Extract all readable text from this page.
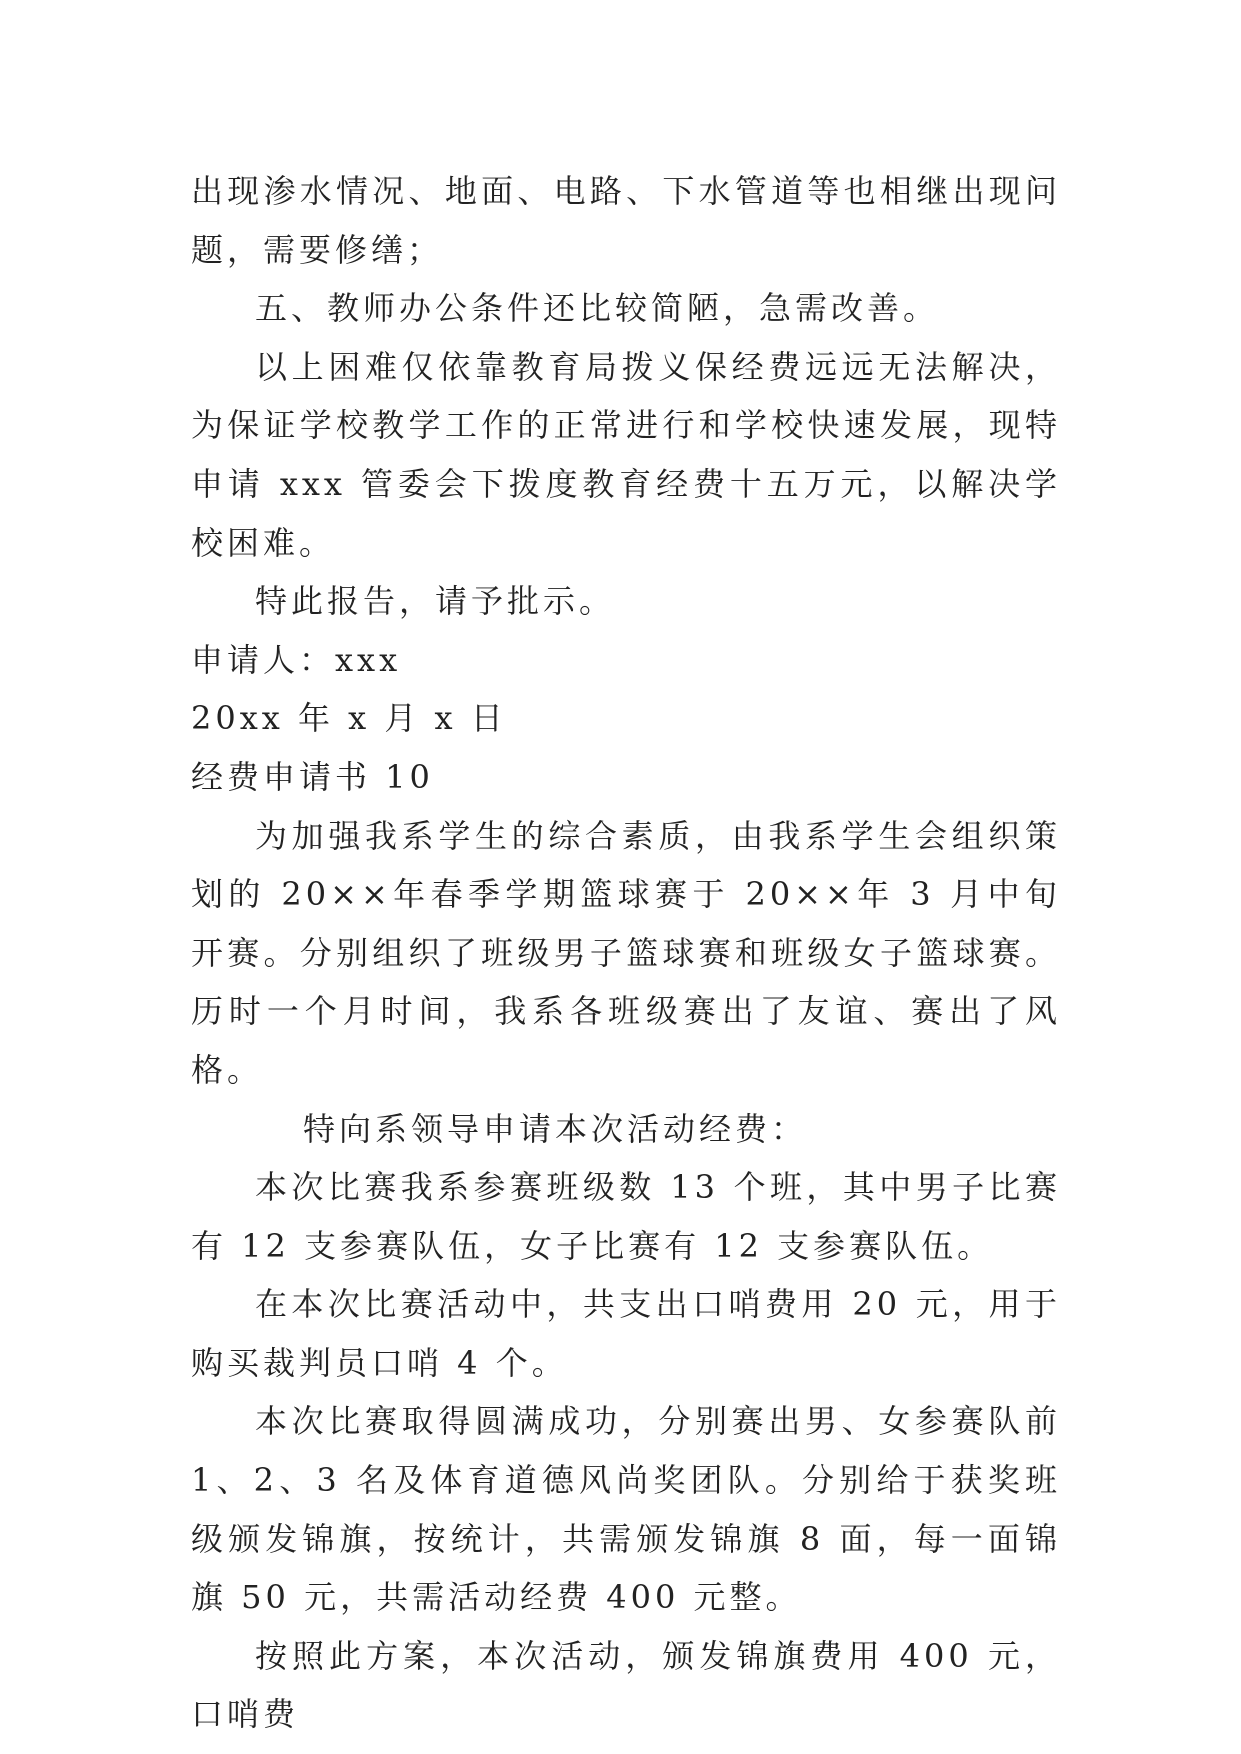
出现渗水情况、地面、电路、下水管道等也相继出现问题，需要修缮；

五、教师办公条件还比较简陋，急需改善。

以上困难仅依靠教育局拨义保经费远远无法解决，为保证学校教学工作的正常进行和学校快速发展，现特申请 xxx 管委会下拨度教育经费十五万元，以解决学校困难。

特此报告，请予批示。

申请人：xxx

20xx 年 x 月 x 日

经费申请书 10

为加强我系学生的综合素质，由我系学生会组织策划的 20××年春季学期篮球赛于 20××年 3 月中旬开赛。分别组织了班级男子篮球赛和班级女子篮球赛。历时一个月时间，我系各班级赛出了友谊、赛出了风格。

特向系领导申请本次活动经费：

本次比赛我系参赛班级数 13 个班，其中男子比赛有 12 支参赛队伍，女子比赛有 12 支参赛队伍。

在本次比赛活动中，共支出口哨费用 20 元，用于购买裁判员口哨 4 个。

本次比赛取得圆满成功，分别赛出男、女参赛队前 1、2、3 名及体育道德风尚奖团队。分别给于获奖班级颁发锦旗，按统计，共需颁发锦旗 8 面，每一面锦旗 50 元，共需活动经费 400 元整。

按照此方案，本次活动，颁发锦旗费用 400 元，口哨费
